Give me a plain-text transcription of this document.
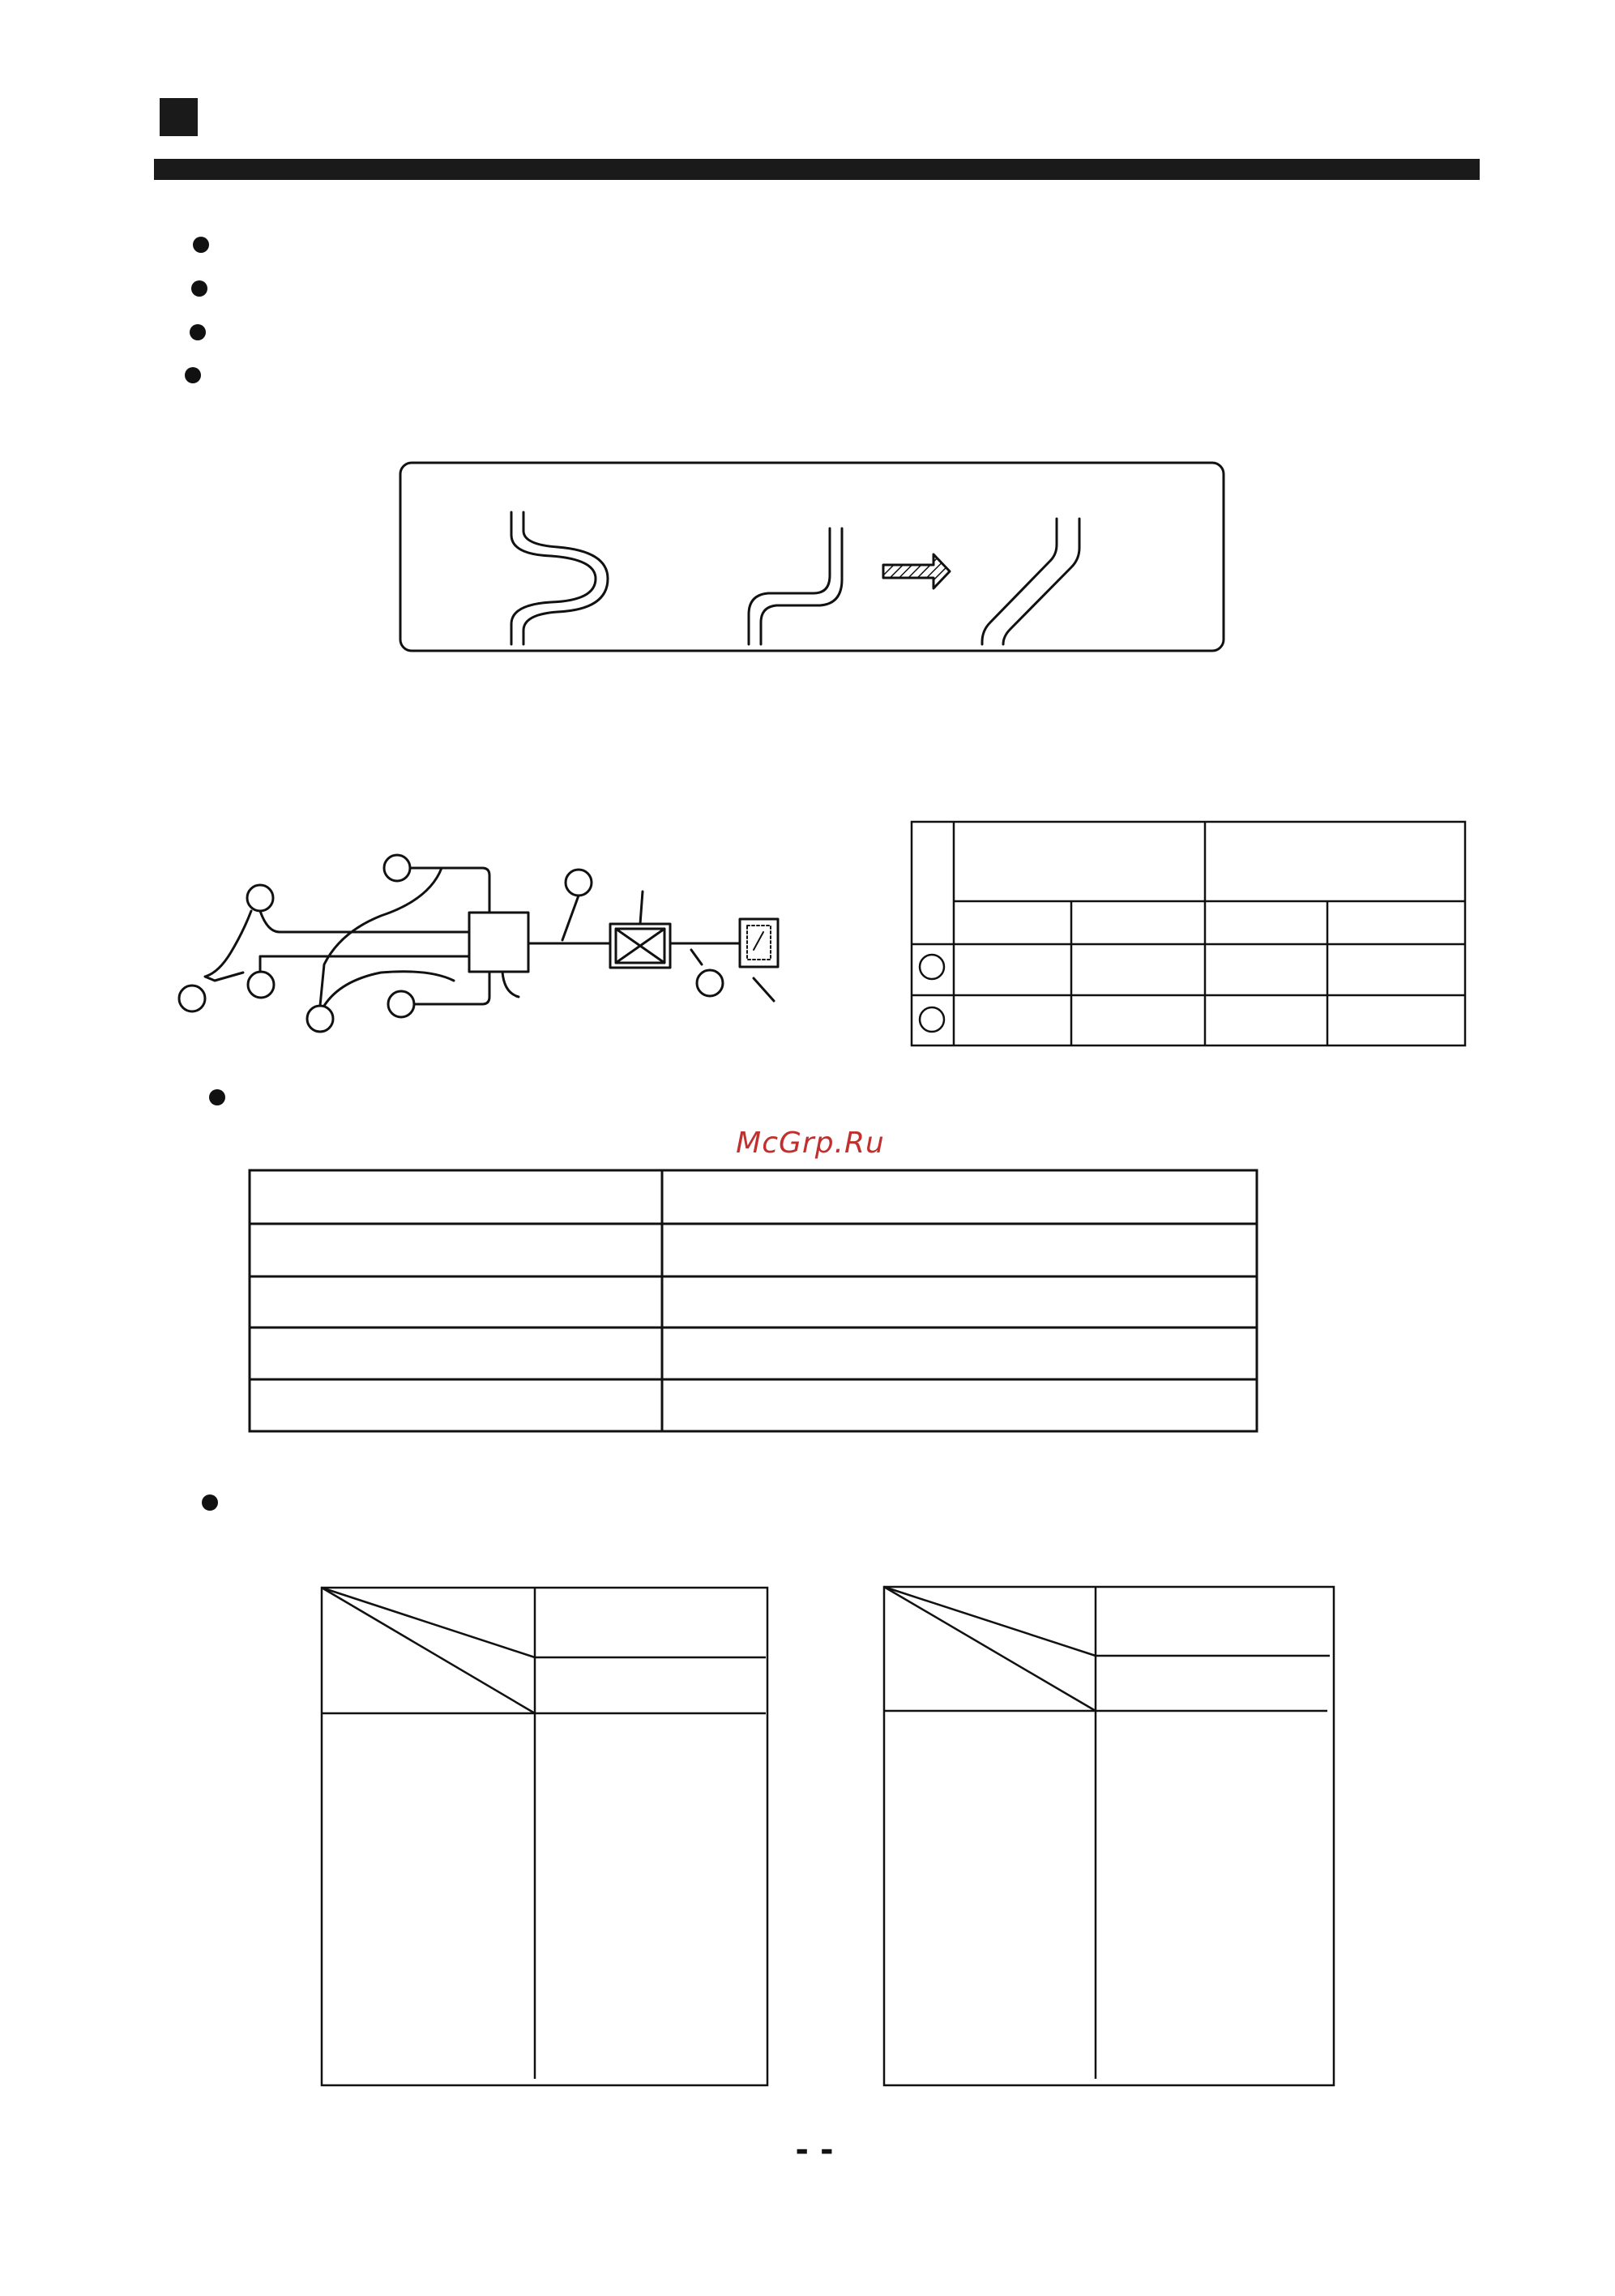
McGrp.Ru
- -
